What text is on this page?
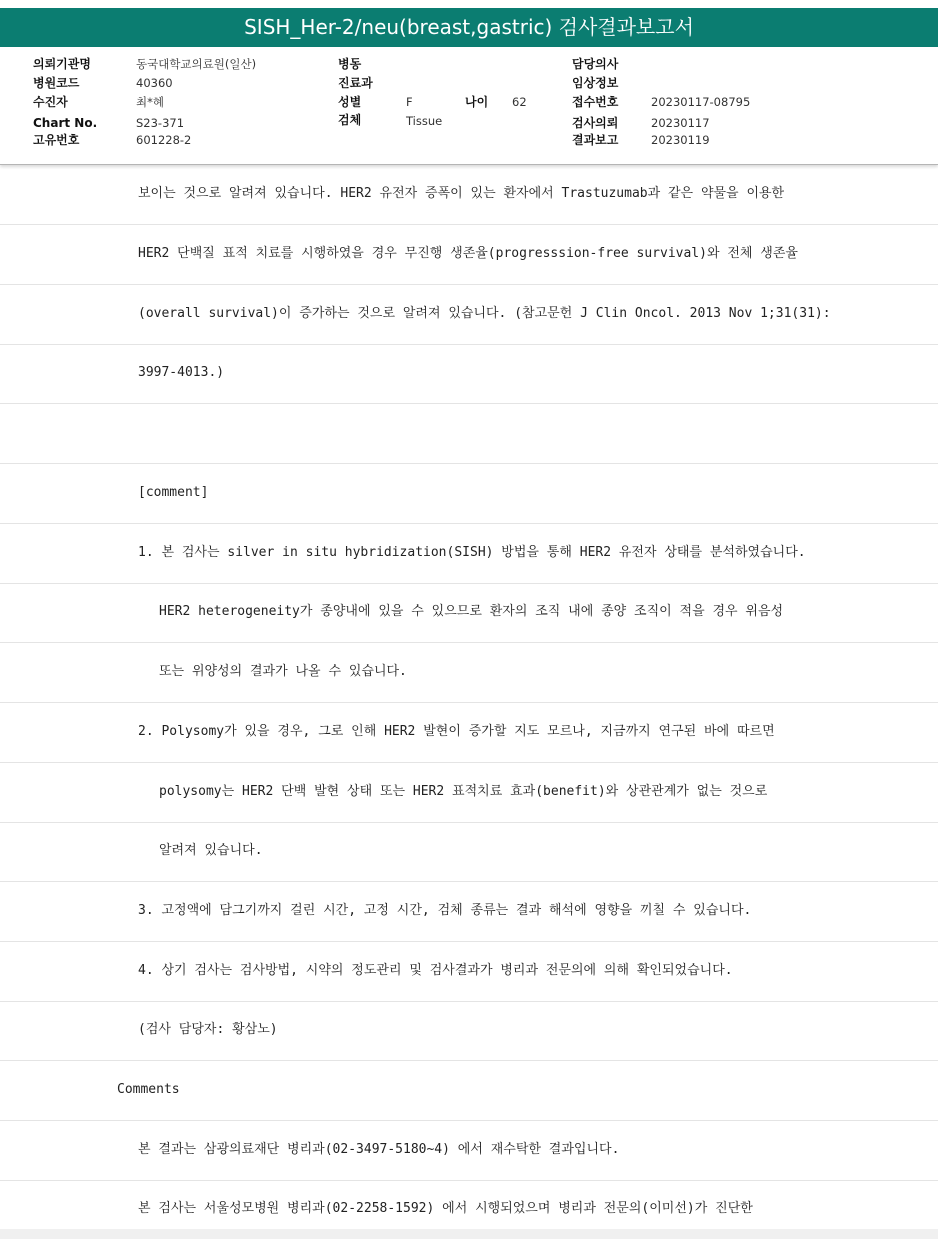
SISH_Her-2/neu(breast,gastric) 검사결과보고서
의뢰기관명	동국대학교의료원(일산)
병원코드	40360
수진자	최*혜
Chart No.	S23-371
고유번호	601228-2
병동
진료과
성별	F
검체	Tissue
나이 62
담당의사
임상정보
접수번호	20230117-08795
검사의뢰	20230117
결과보고	20230119
보이는 것으로 알려져 있습니다. HER2 유전자 증폭이 있는 환자에서 Trastuzumab과 같은 약물을 이용한
HER2 단백질 표적 치료를 시행하였을 경우 무진행 생존율(progresssion-free survival)와 전체 생존율
(overall survival)이 증가하는 것으로 알려져 있습니다. (참고문헌 J Clin Oncol. 2013 Nov 1;31(31):
3997-4013.)
[comment]
1. 본 검사는 silver in situ hybridization(SISH) 방법을 통해 HER2 유전자 상태를 분석하였습니다.
HER2 heterogeneity가 종양내에 있을 수 있으므로 환자의 조직 내에 종양 조직이 적을 경우 위음성
또는 위양성의 결과가 나올 수 있습니다.
2. Polysomy가 있을 경우, 그로 인해 HER2 발현이 증가할 지도 모르나, 지금까지 연구된 바에 따르면
polysomy는 HER2 단백 발현 상태 또는 HER2 표적치료 효과(benefit)와 상관관계가 없는 것으로
알려져 있습니다.
3. 고정액에 담그기까지 걸린 시간, 고정 시간, 검체 종류는 결과 해석에 영향을 끼칠 수 있습니다.
4. 상기 검사는 검사방법, 시약의 정도관리 및 검사결과가 병리과 전문의에 의해 확인되었습니다.
(검사 담당자: 황삼노)
Comments
본 결과는 삼광의료재단 병리과(02-3497-5180~4) 에서 재수탁한 결과입니다.
본 검사는 서울성모병원 병리과(02-2258-1592) 에서 시행되었으며 병리과 전문의(이미선)가 진단한
